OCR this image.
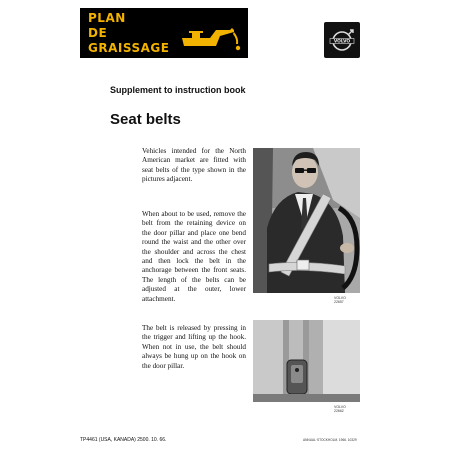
PLAN
DE
GRAISSAGE	VOLVO
Supplement to instruction book
Seat belts
Vehicles intended for the North American market are fitted with seat belts of the type shown in the pictures adjacent.
When about to be used, remove the belt from the retaining device on the door pillar and place one bend round the waist and the other over the shoulder and across the chest and then lock the belt in the anchorage between the front seats. The length of the belts can be adjusted at the outer, lower attachment.
The belt is released by pressing in the trigger and lifting up the hook. When not in use, the belt should always be hung up on the hook on the door pillar.
VOLVO
22657
VOLVO
22662
TP4461 (USA, KANADA) 2500. 10. 66.	ANNUAL·STOCKHOLM. 1966. 10329
